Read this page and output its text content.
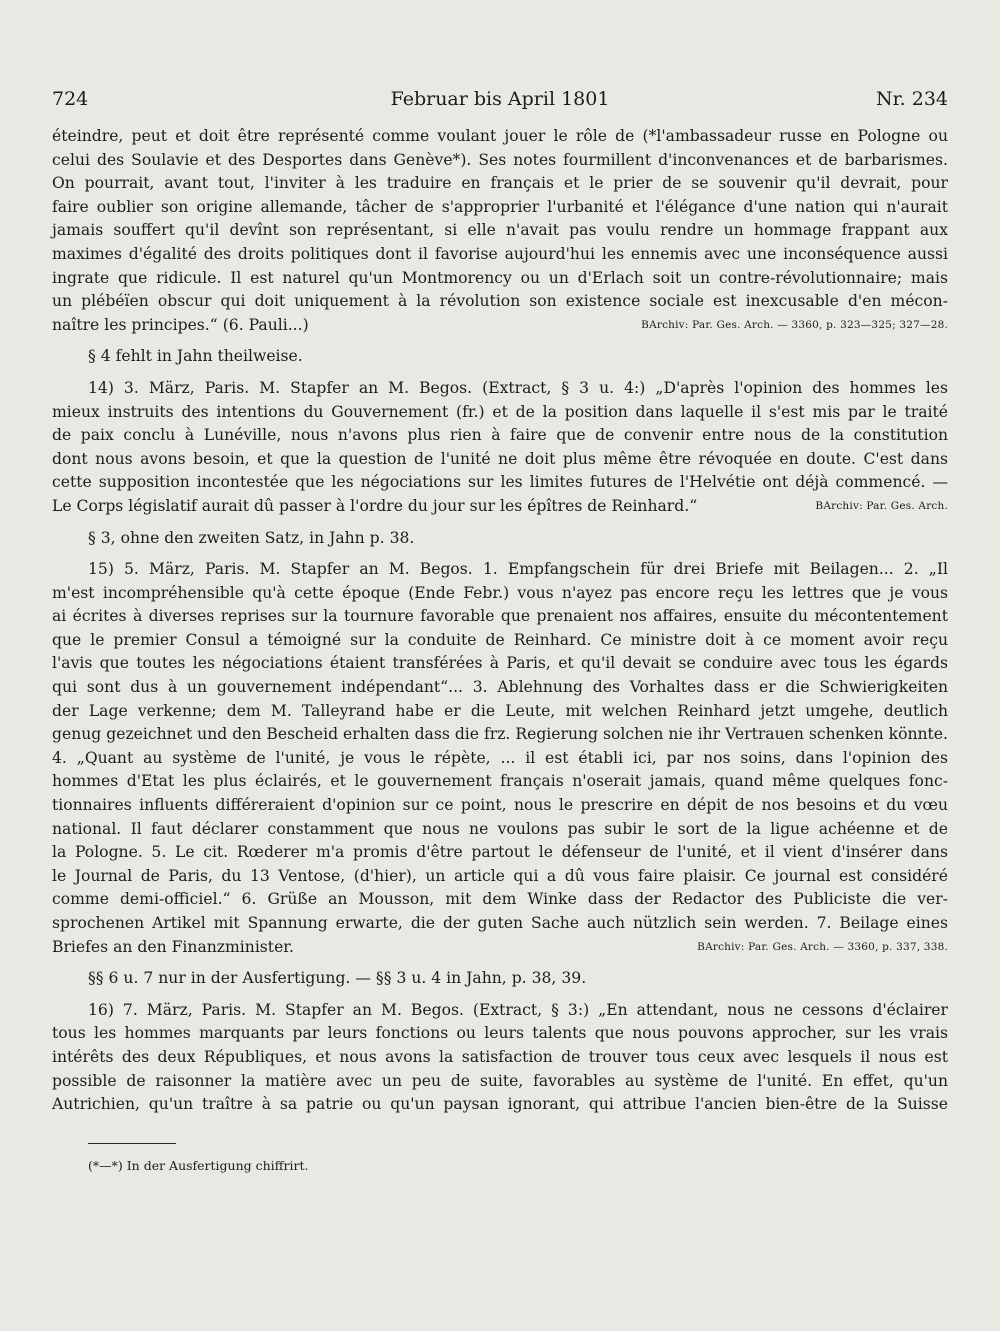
724	Februar bis April 1801	Nr. 234
éteindre, peut et doit être représenté comme voulant jouer le rôle de (*l'ambassadeur russe en Pologne ou
celui des Soulavie et des Desportes dans Genève*). Ses notes fourmillent d'inconvenances et de barbarismes.
On pourrait, avant tout, l'inviter à les traduire en français et le prier de se souvenir qu'il devrait, pour
faire oublier son origine allemande, tâcher de s'approprier l'urbanité et l'élégance d'une nation qui n'aurait
jamais souffert qu'il devînt son représentant, si elle n'avait pas voulu rendre un hommage frappant aux
maximes d'égalité des droits politiques dont il favorise aujourd'hui les ennemis avec une inconséquence aussi
ingrate que ridicule. Il est naturel qu'un Montmorency ou un d'Erlach soit un contre-révolutionnaire; mais
un plébéïen obscur qui doit uniquement à la révolution son existence sociale est inexcusable d'en mécon-
naître les principes.“ (6. Pauli...)	BArchiv: Par. Ges. Arch. — 3360, p. 323—325; 327—28.
§ 4 fehlt in Jahn theilweise.
14) 3. März, Paris. M. Stapfer an M. Begos. (Extract, § 3 u. 4:) „D'après l'opinion des hommes les
mieux instruits des intentions du Gouvernement (fr.) et de la position dans laquelle il s'est mis par le traité
de paix conclu à Lunéville, nous n'avons plus rien à faire que de convenir entre nous de la constitution
dont nous avons besoin, et que la question de l'unité ne doit plus même être révoquée en doute. C'est dans
cette supposition incontestée que les négociations sur les limites futures de l'Helvétie ont déjà commencé. —
Le Corps législatif aurait dû passer à l'ordre du jour sur les épîtres de Reinhard.“	BArchiv: Par. Ges. Arch.
§ 3, ohne den zweiten Satz, in Jahn p. 38.
15) 5. März, Paris. M. Stapfer an M. Begos. 1. Empfangschein für drei Briefe mit Beilagen... 2. „Il
m'est incompréhensible qu'à cette époque (Ende Febr.) vous n'ayez pas encore reçu les lettres que je vous
ai écrites à diverses reprises sur la tournure favorable que prenaient nos affaires, ensuite du mécontentement
que le premier Consul a témoigné sur la conduite de Reinhard. Ce ministre doit à ce moment avoir reçu
l'avis que toutes les négociations étaient transférées à Paris, et qu'il devait se conduire avec tous les égards
qui sont dus à un gouvernement indépendant“... 3. Ablehnung des Vorhaltes dass er die Schwierigkeiten
der Lage verkenne; dem M. Talleyrand habe er die Leute, mit welchen Reinhard jetzt umgehe, deutlich
genug gezeichnet und den Bescheid erhalten dass die frz. Regierung solchen nie ihr Vertrauen schenken könnte.
4. „Quant au système de l'unité, je vous le répète, ... il est établi ici, par nos soins, dans l'opinion des
hommes d'Etat les plus éclairés, et le gouvernement français n'oserait jamais, quand même quelques fonc-
tionnaires influents différeraient d'opinion sur ce point, nous le prescrire en dépit de nos besoins et du vœu
national. Il faut déclarer constamment que nous ne voulons pas subir le sort de la ligue achéenne et de
la Pologne. 5. Le cit. Rœderer m'a promis d'être partout le défenseur de l'unité, et il vient d'insérer dans
le Journal de Paris, du 13 Ventose, (d'hier), un article qui a dû vous faire plaisir. Ce journal est considéré
comme demi-officiel.“ 6. Grüße an Mousson, mit dem Winke dass der Redactor des Publiciste die ver-
sprochenen Artikel mit Spannung erwarte, die der guten Sache auch nützlich sein werden. 7. Beilage eines
Briefes an den Finanzminister.	BArchiv: Par. Ges. Arch. — 3360, p. 337, 338.
§§ 6 u. 7 nur in der Ausfertigung. — §§ 3 u. 4 in Jahn, p. 38, 39.
16) 7. März, Paris. M. Stapfer an M. Begos. (Extract, § 3:) „En attendant, nous ne cessons d'éclairer
tous les hommes marquants par leurs fonctions ou leurs talents que nous pouvons approcher, sur les vrais
intérêts des deux Républiques, et nous avons la satisfaction de trouver tous ceux avec lesquels il nous est
possible de raisonner la matière avec un peu de suite, favorables au système de l'unité. En effet, qu'un
Autrichien, qu'un traître à sa patrie ou qu'un paysan ignorant, qui attribue l'ancien bien-être de la Suisse
(*—*) In der Ausfertigung chiffrirt.
